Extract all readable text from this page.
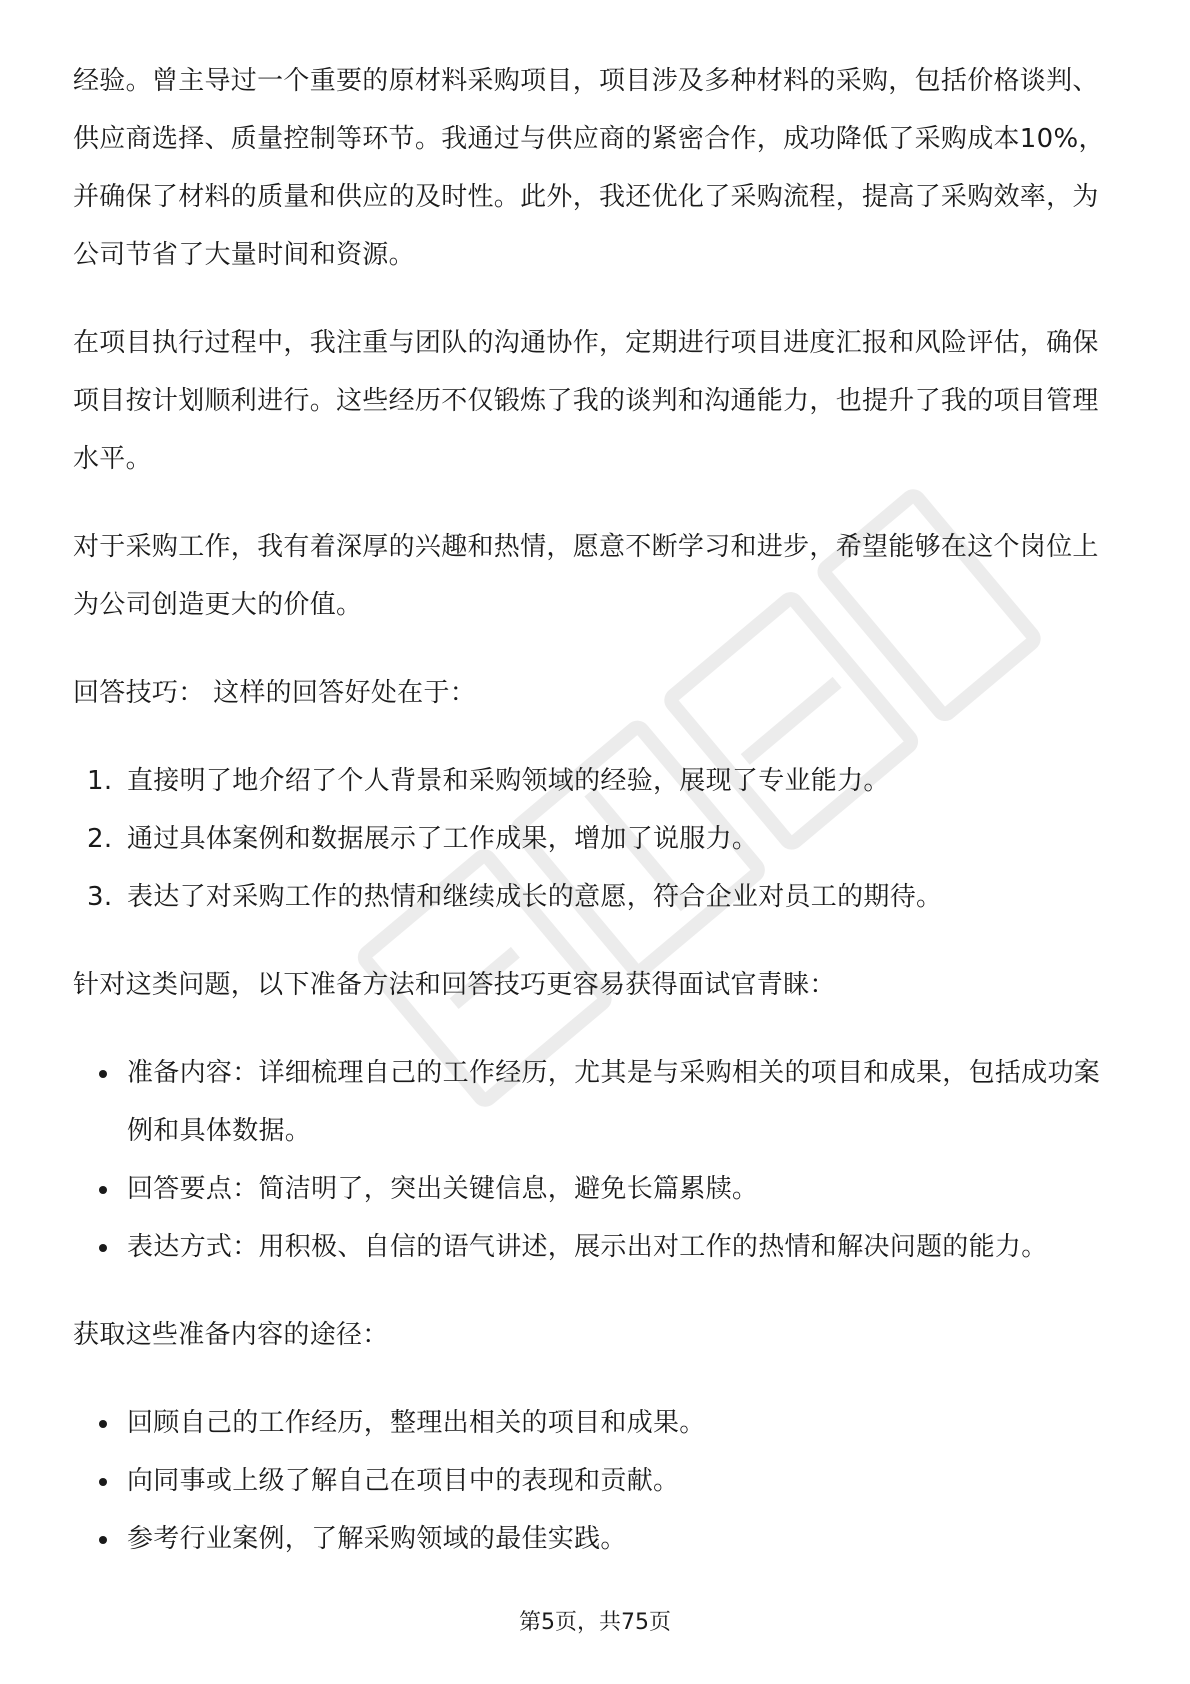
经验。曾主导过一个重要的原材料采购项目，项目涉及多种材料的采购，包括价格谈判、供应商选择、质量控制等环节。我通过与供应商的紧密合作，成功降低了采购成本10%，并确保了材料的质量和供应的及时性。此外，我还优化了采购流程，提高了采购效率，为公司节省了大量时间和资源。

在项目执行过程中，我注重与团队的沟通协作，定期进行项目进度汇报和风险评估，确保项目按计划顺利进行。这些经历不仅锻炼了我的谈判和沟通能力，也提升了我的项目管理水平。

对于采购工作，我有着深厚的兴趣和热情，愿意不断学习和进步，希望能够在这个岗位上为公司创造更大的价值。

回答技巧： 这样的回答好处在于：

1. 直接明了地介绍了个人背景和采购领域的经验，展现了专业能力。
2. 通过具体案例和数据展示了工作成果，增加了说服力。
3. 表达了对采购工作的热情和继续成长的意愿，符合企业对员工的期待。

针对这类问题，以下准备方法和回答技巧更容易获得面试官青睐：

准备内容：详细梳理自己的工作经历，尤其是与采购相关的项目和成果，包括成功案例和具体数据。
回答要点：简洁明了，突出关键信息，避免长篇累牍。
表达方式：用积极、自信的语气讲述，展示出对工作的热情和解决问题的能力。

获取这些准备内容的途径：

回顾自己的工作经历，整理出相关的项目和成果。
向同事或上级了解自己在项目中的表现和贡献。
参考行业案例，了解采购领域的最佳实践。
第5页，共75页
